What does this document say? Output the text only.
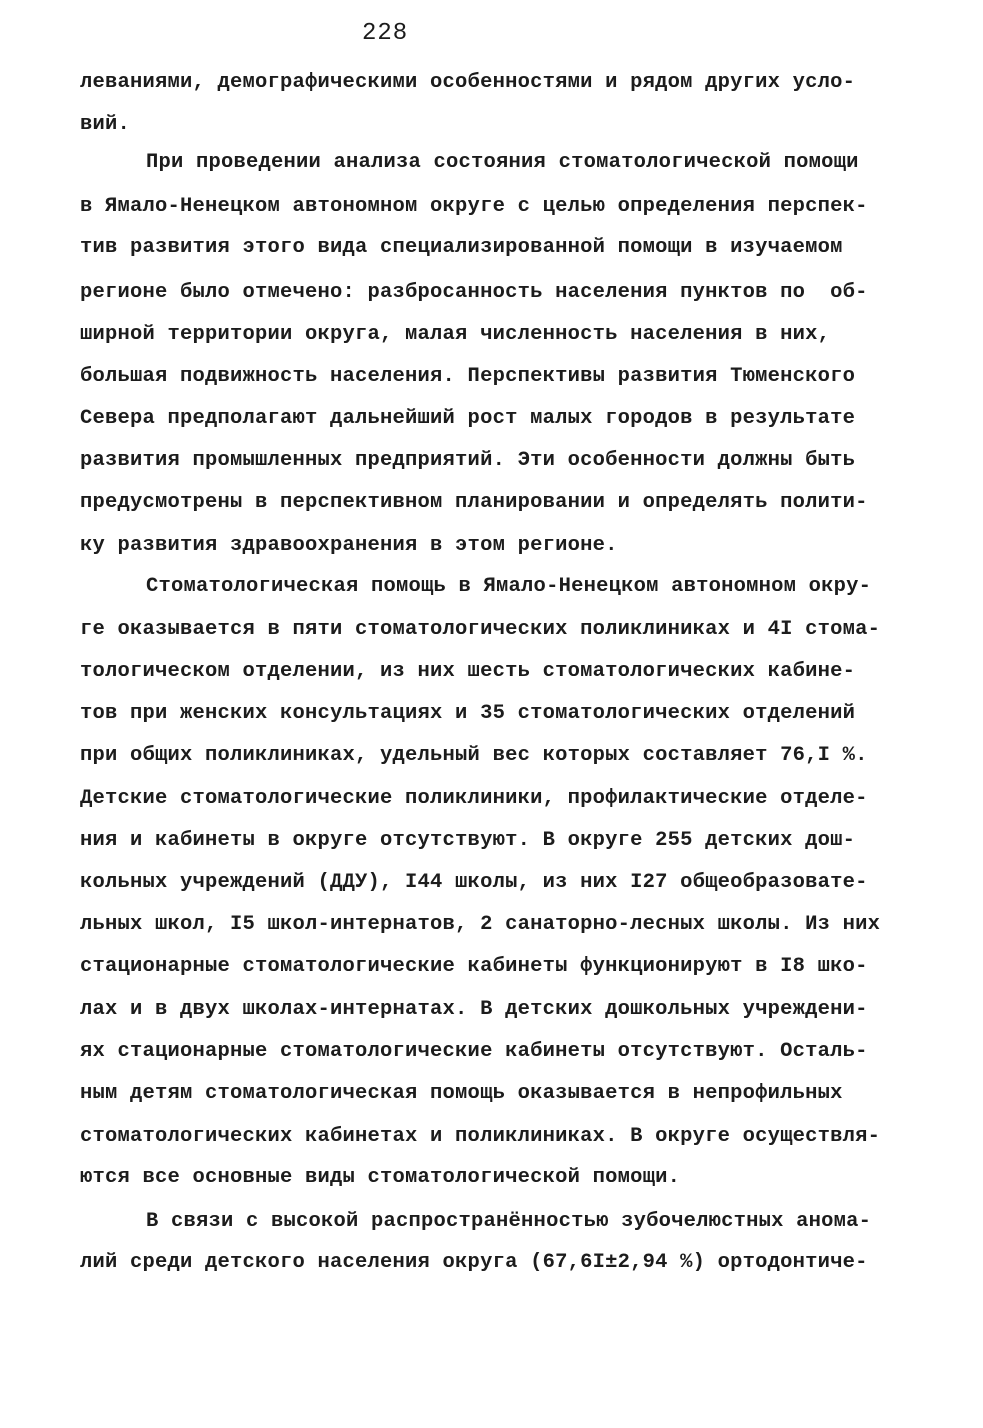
228
леваниями, демографическими особенностями и рядом других усло-
вий.
При проведении анализа состояния стоматологической помощи
в Ямало-Ненецком автономном округе с целью определения перспек-
тив развития этого вида специализированной помощи в изучаемом
регионе было отмечено: разбросанность населения пунктов по  об-
ширной территории округа, малая численность населения в них,
большая подвижность населения. Перспективы развития Тюменского
Севера предполагают дальнейший рост малых городов в результате
развития промышленных предприятий. Эти особенности должны быть
предусмотрены в перспективном планировании и определять полити-
ку развития здравоохранения в этом регионе.
Стоматологическая помощь в Ямало-Ненецком автономном окру-
ге оказывается в пяти стоматологических поликлиниках и 4I стома-
тологическом отделении, из них шесть стоматологических кабине-
тов при женских консультациях и 35 стоматологических отделений
при общих поликлиниках, удельный вес которых составляет 76,I %.
Детские стоматологические поликлиники, профилактические отделе-
ния и кабинеты в округе отсутствуют. В округе 255 детских дош-
кольных учреждений (ДДУ), I44 школы, из них I27 общеобразовате-
льных школ, I5 школ-интернатов, 2 санаторно-лесных школы. Из них
стационарные стоматологические кабинеты функционируют в I8 шко-
лах и в двух школах-интернатах. В детских дошкольных учреждени-
ях стационарные стоматологические кабинеты отсутствуют. Осталь-
ным детям стоматологическая помощь оказывается в непрофильных
стоматологических кабинетах и поликлиниках. В округе осуществля-
ются все основные виды стоматологической помощи.
В связи с высокой распространённостью зубочелюстных анома-
лий среди детского населения округа (67,6I±2,94 %) ортодонтиче-
